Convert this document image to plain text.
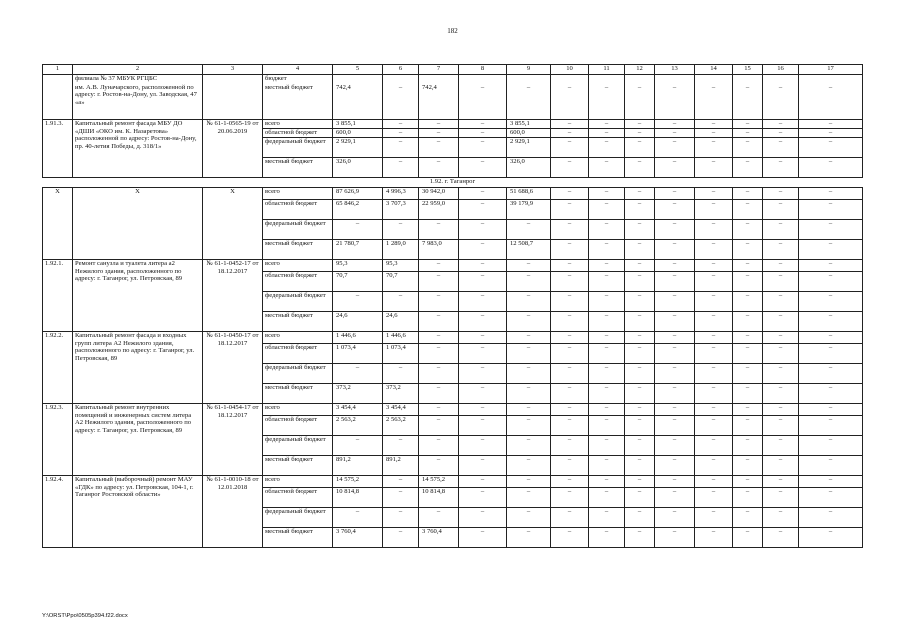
182
1	2	3	4	5	6	7	8	9	10	11	12	13	14	15	16	17
	филиала № 37 МБУК РГЦБС		бюджет													
	им. А.В. Луначарского, расположенной по адресу: г. Ростов-на-Дону, ул. Заводская, 47 «а»		местный бюджет	742,4	–	742,4	–	–	–	–	–	–	–	–	–	–
1.91.3.	Капитальный ремонт фасада МБУ ДО «ДШИ «ОКО им. К. Назаретова» расположенной по адресу: Ростов-на-Дону, пр. 40-летия Победы, д. 318/1»	№ 61-1-0565-19 от 20.06.2019	всего	3 855,1	–	–	–	3 855,1	–	–	–	–	–	–	–	–
			областной бюджет	600,0	–	–	–	600,0	–	–	–	–	–	–	–	–
			федеральный бюджет	2 929,1	–	–	–	2 929,1	–	–	–	–	–	–	–	–
			местный бюджет	326,0	–	–	–	326,0	–	–	–	–	–	–	–	–
1.92. г. Таганрог																
X	X	X	всего	87 626,9	4 996,3	30 942,0	–	51 688,6	–	–	–	–	–	–	–	–
			областной бюджет	65 846,2	3 707,3	22 959,0	–	39 179,9	–	–	–	–	–	–	–	–
			федеральный бюджет	–	–	–	–	–	–	–	–	–	–	–	–	–
			местный бюджет	21 780,7	1 289,0	7 983,0	–	12 508,7	–	–	–	–	–	–	–	–
1.92.1.	Ремонт санузла и туалета литера а2 Нежилого здания, расположенного по адресу: г. Таганрог, ул. Петровская, 89	№ 61-1-0452-17 от 18.12.2017	всего	95,3	95,3	–	–	–	–	–	–	–	–	–	–	–
			областной бюджет	70,7	70,7	–	–	–	–	–	–	–	–	–	–	–
			федеральный бюджет	–	–	–	–	–	–	–	–	–	–	–	–	–
			местный бюджет	24,6	24,6	–	–	–	–	–	–	–	–	–	–	–
1.92.2.	Капитальный ремонт фасада и входных групп литера А2 Нежилого здания, расположенного по адресу: г. Таганрог, ул. Петровская, 89	№ 61-1-0450-17 от 18.12.2017	всего	1 446,6	1 446,6	–	–	–	–	–	–	–	–	–	–	–
			областной бюджет	1 073,4	1 073,4	–	–	–	–	–	–	–	–	–	–	–
			федеральный бюджет	–	–	–	–	–	–	–	–	–	–	–	–	–
			местный бюджет	373,2	373,2	–	–	–	–	–	–	–	–	–	–	–
1.92.3.	Капитальный ремонт внутренних помещений и инженерных систем литера А2 Нежилого здания, расположенного по адресу: г. Таганрог, ул. Петровская, 89	№ 61-1-0454-17 от 18.12.2017	всего	3 454,4	3 454,4	–	–	–	–	–	–	–	–	–	–	–
			областной бюджет	2 563,2	2 563,2	–	–	–	–	–	–	–	–	–	–	–
			федеральный бюджет	–	–	–	–	–	–	–	–	–	–	–	–	–
			местный бюджет	891,2	891,2	–	–	–	–	–	–	–	–	–	–	–
1.92.4.	Капитальный (выборочный) ремонт МАУ «ГДК» по адресу: ул. Петровская, 104-1, г. Таганрог Ростовской области»	№ 61-1-0010-18 от 12.01.2018	всего	14 575,2	–	14 575,2	–	–	–	–	–	–	–	–	–	–
			областной бюджет	10 814,8	–	10 814,8	–	–	–	–	–	–	–	–	–	–
			федеральный бюджет	–	–	–	–	–	–	–	–	–	–	–	–	–
			местный бюджет	3 760,4	–	3 760,4	–	–	–	–	–	–	–	–	–	–
Y:\ORST\Ppo\0505p394.f22.docx
